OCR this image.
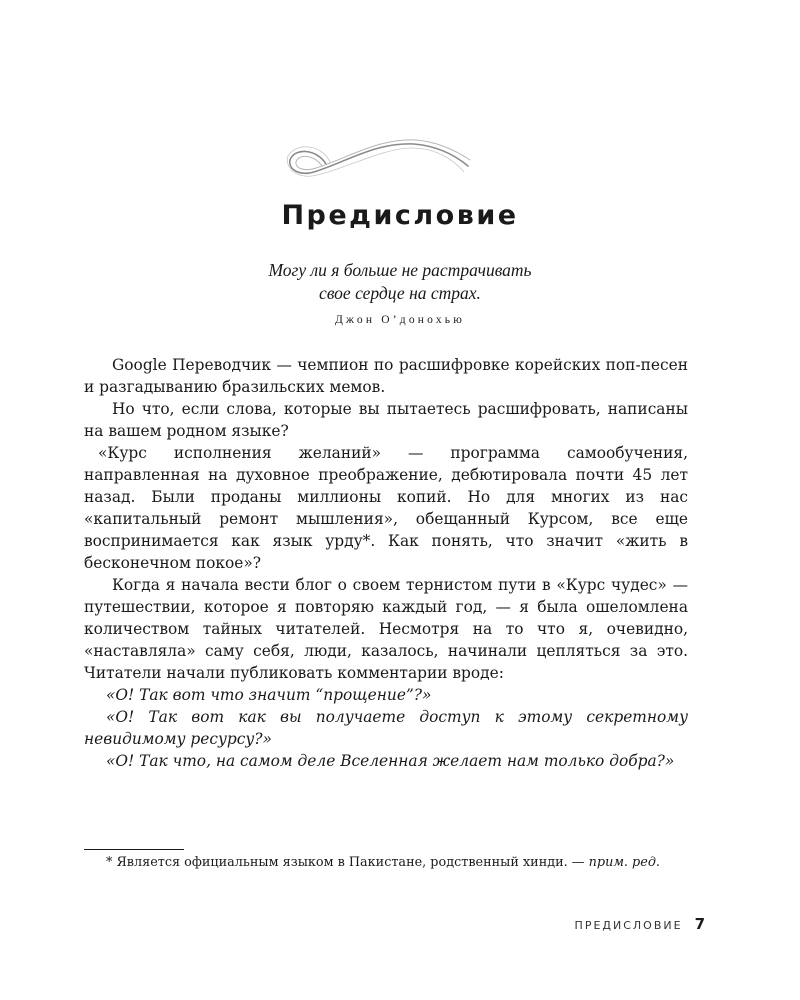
Предисловие
Могу ли я больше не растрачивать
свое сердце на страх.
Джон О’донохью

Google Переводчик — чемпион по расшифровке корейских поп-песен и разгадыванию бразильских мемов.

Но что, если слова, которые вы пытаетесь расшифровать, написаны на вашем родном языке?

«Курс исполнения желаний» — программа самообучения, направленная на духовное преображение, дебютировала почти 45 лет назад. Были проданы миллионы копий. Но для многих из нас «капитальный ремонт мышления», обещанный Курсом, все еще воспринимается как язык урду*. Как понять, что значит «жить в бесконечном покое»?

Когда я начала вести блог о своем тернистом пути в «Курс чудес» — путешествии, которое я повторяю каждый год, — я была ошеломлена количеством тайных читателей. Несмотря на то что я, очевидно, «наставляла» саму себя, люди, казалось, начинали цепляться за это. Читатели начали публиковать комментарии вроде:

«О! Так вот что значит “прощение”?»

«О! Так вот как вы получаете доступ к этому секретному невидимому ресурсу?»

«О! Так что, на самом деле Вселенная желает нам только добра?»

* Является официальным языком в Пакистане, родственный хинди. — прим. ред.

ПРЕДИСЛОВИЕ 7
